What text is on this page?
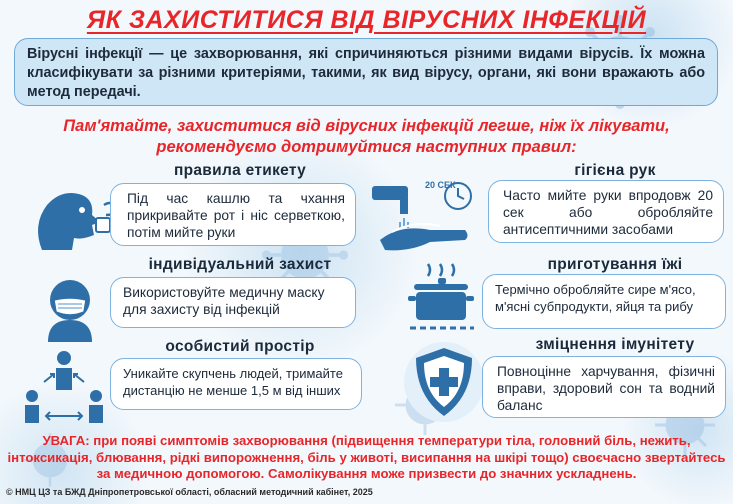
ЯК ЗАХИСТИТИСЯ ВІД ВІРУСНИХ ІНФЕКЦІЙ
Вірусні інфекції — це захворювання, які спричиняються різними видами вірусів. Їх можна класифікувати за різними критеріями, такими, як вид вірусу, органи, які вони вражають або метод передачі.
Пам'ятайте, захиститися від вірусних інфекцій легше, ніж їх лікувати,
рекомендуємо дотримуйтися наступних правил:
правила етикету
Під час кашлю та чхання прикривайте рот і ніс серветкою, потім мийте руки
гігієна рук
20 СЕК
Часто мийте руки впродовж 20 сек або обробляйте антисептичними засобами
індивідуальний захист
Використовуйте медичну маску для захисту від інфекцій
приготування їжі
Термічно обробляйте сире м'ясо, м'ясні субпродукти, яйця та рибу
особистий простір
Уникайте скупчень людей, тримайте дистанцію не менше 1,5 м від інших
зміцнення імунітету
Повноцінне харчування, фізичні вправи, здоровий сон та водний баланс
УВАГА: при появі симптомів захворювання (підвищення температури тіла, головний біль, нежить, інтоксикація, блювання, рідкі випорожнення, біль у животі, висипання на шкірі тощо) своєчасно звертайтесь за медичною допомогою. Самолікування може призвести до значних ускладнень.
© НМЦ ЦЗ та БЖД Дніпропетровської області, обласний методичний кабінет, 2025
